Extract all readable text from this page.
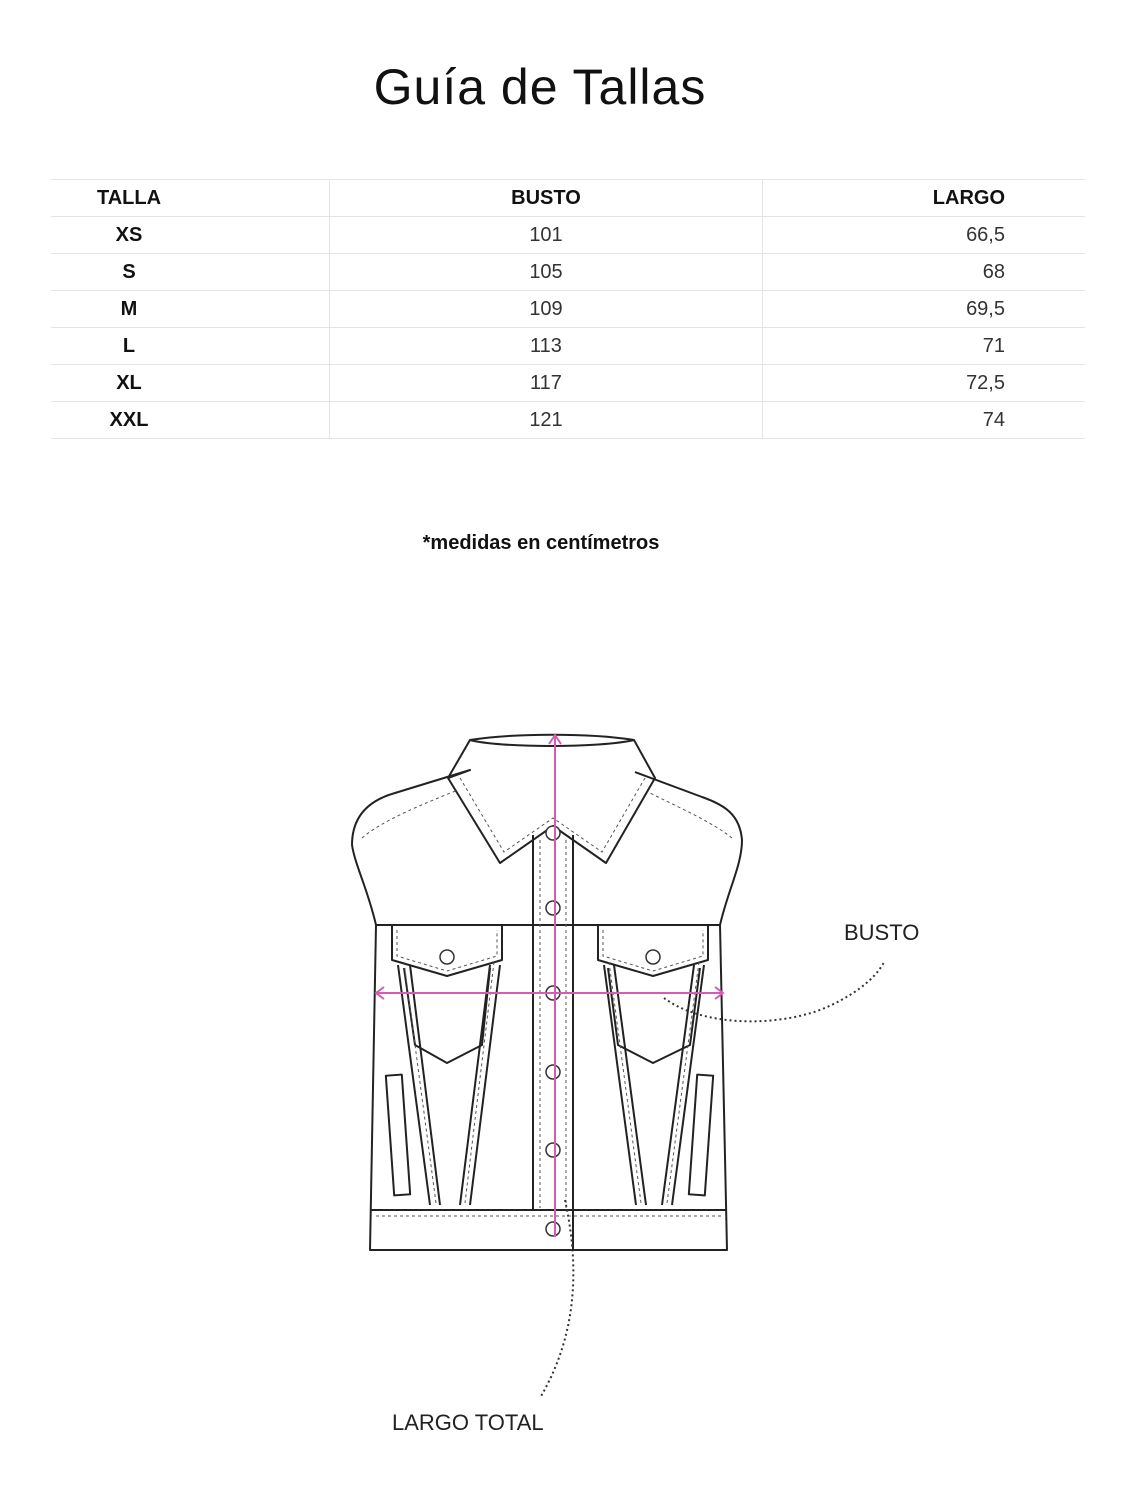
Guía de Tallas
TALLA		BUSTO	LARGO
XS		101	66,5
S		105	68
M		109	69,5
L		113	71
XL		117	72,5
XXL		121	74
*medidas en centímetros
BUSTO
LARGO TOTAL
